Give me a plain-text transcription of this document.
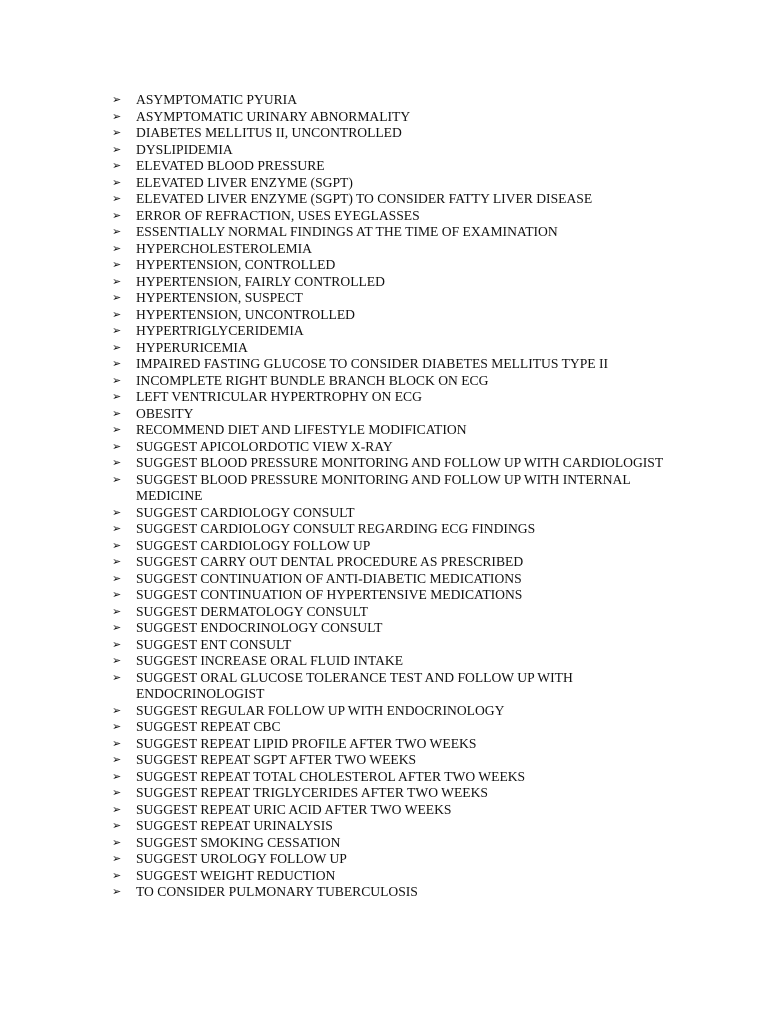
➢	ASYMPTOMATIC PYURIA
➢	ASYMPTOMATIC URINARY ABNORMALITY
➢	DIABETES MELLITUS II, UNCONTROLLED
➢	DYSLIPIDEMIA
➢	ELEVATED BLOOD PRESSURE
➢	ELEVATED LIVER ENZYME (SGPT)
➢	ELEVATED LIVER ENZYME (SGPT) TO CONSIDER FATTY LIVER DISEASE
➢	ERROR OF REFRACTION, USES EYEGLASSES
➢	ESSENTIALLY NORMAL FINDINGS AT THE TIME OF EXAMINATION
➢	HYPERCHOLESTEROLEMIA
➢	HYPERTENSION, CONTROLLED
➢	HYPERTENSION, FAIRLY CONTROLLED
➢	HYPERTENSION, SUSPECT
➢	HYPERTENSION, UNCONTROLLED
➢	HYPERTRIGLYCERIDEMIA
➢	HYPERURICEMIA
➢	IMPAIRED FASTING GLUCOSE TO CONSIDER DIABETES MELLITUS TYPE II
➢	INCOMPLETE RIGHT BUNDLE BRANCH BLOCK ON ECG
➢	LEFT VENTRICULAR HYPERTROPHY ON ECG
➢	OBESITY
➢	RECOMMEND DIET AND LIFESTYLE MODIFICATION
➢	SUGGEST APICOLORDOTIC VIEW X-RAY
➢	SUGGEST BLOOD PRESSURE MONITORING AND FOLLOW UP WITH CARDIOLOGIST
➢	SUGGEST BLOOD PRESSURE MONITORING AND FOLLOW UP WITH INTERNAL MEDICINE
➢	SUGGEST CARDIOLOGY CONSULT
➢	SUGGEST CARDIOLOGY CONSULT REGARDING ECG FINDINGS
➢	SUGGEST CARDIOLOGY FOLLOW UP
➢	SUGGEST CARRY OUT DENTAL PROCEDURE AS PRESCRIBED
➢	SUGGEST CONTINUATION OF ANTI-DIABETIC MEDICATIONS
➢	SUGGEST CONTINUATION OF HYPERTENSIVE MEDICATIONS
➢	SUGGEST DERMATOLOGY CONSULT
➢	SUGGEST ENDOCRINOLOGY CONSULT
➢	SUGGEST ENT CONSULT
➢	SUGGEST INCREASE ORAL FLUID INTAKE
➢	SUGGEST ORAL GLUCOSE TOLERANCE TEST AND FOLLOW UP WITH ENDOCRINOLOGIST
➢	SUGGEST REGULAR FOLLOW UP WITH ENDOCRINOLOGY
➢	SUGGEST REPEAT CBC
➢	SUGGEST REPEAT LIPID PROFILE AFTER TWO WEEKS
➢	SUGGEST REPEAT SGPT AFTER TWO WEEKS
➢	SUGGEST REPEAT TOTAL CHOLESTEROL AFTER TWO WEEKS
➢	SUGGEST REPEAT TRIGLYCERIDES AFTER TWO WEEKS
➢	SUGGEST REPEAT URIC ACID AFTER TWO WEEKS
➢	SUGGEST REPEAT URINALYSIS
➢	SUGGEST SMOKING CESSATION
➢	SUGGEST UROLOGY FOLLOW UP
➢	SUGGEST WEIGHT REDUCTION
➢	TO CONSIDER PULMONARY TUBERCULOSIS
